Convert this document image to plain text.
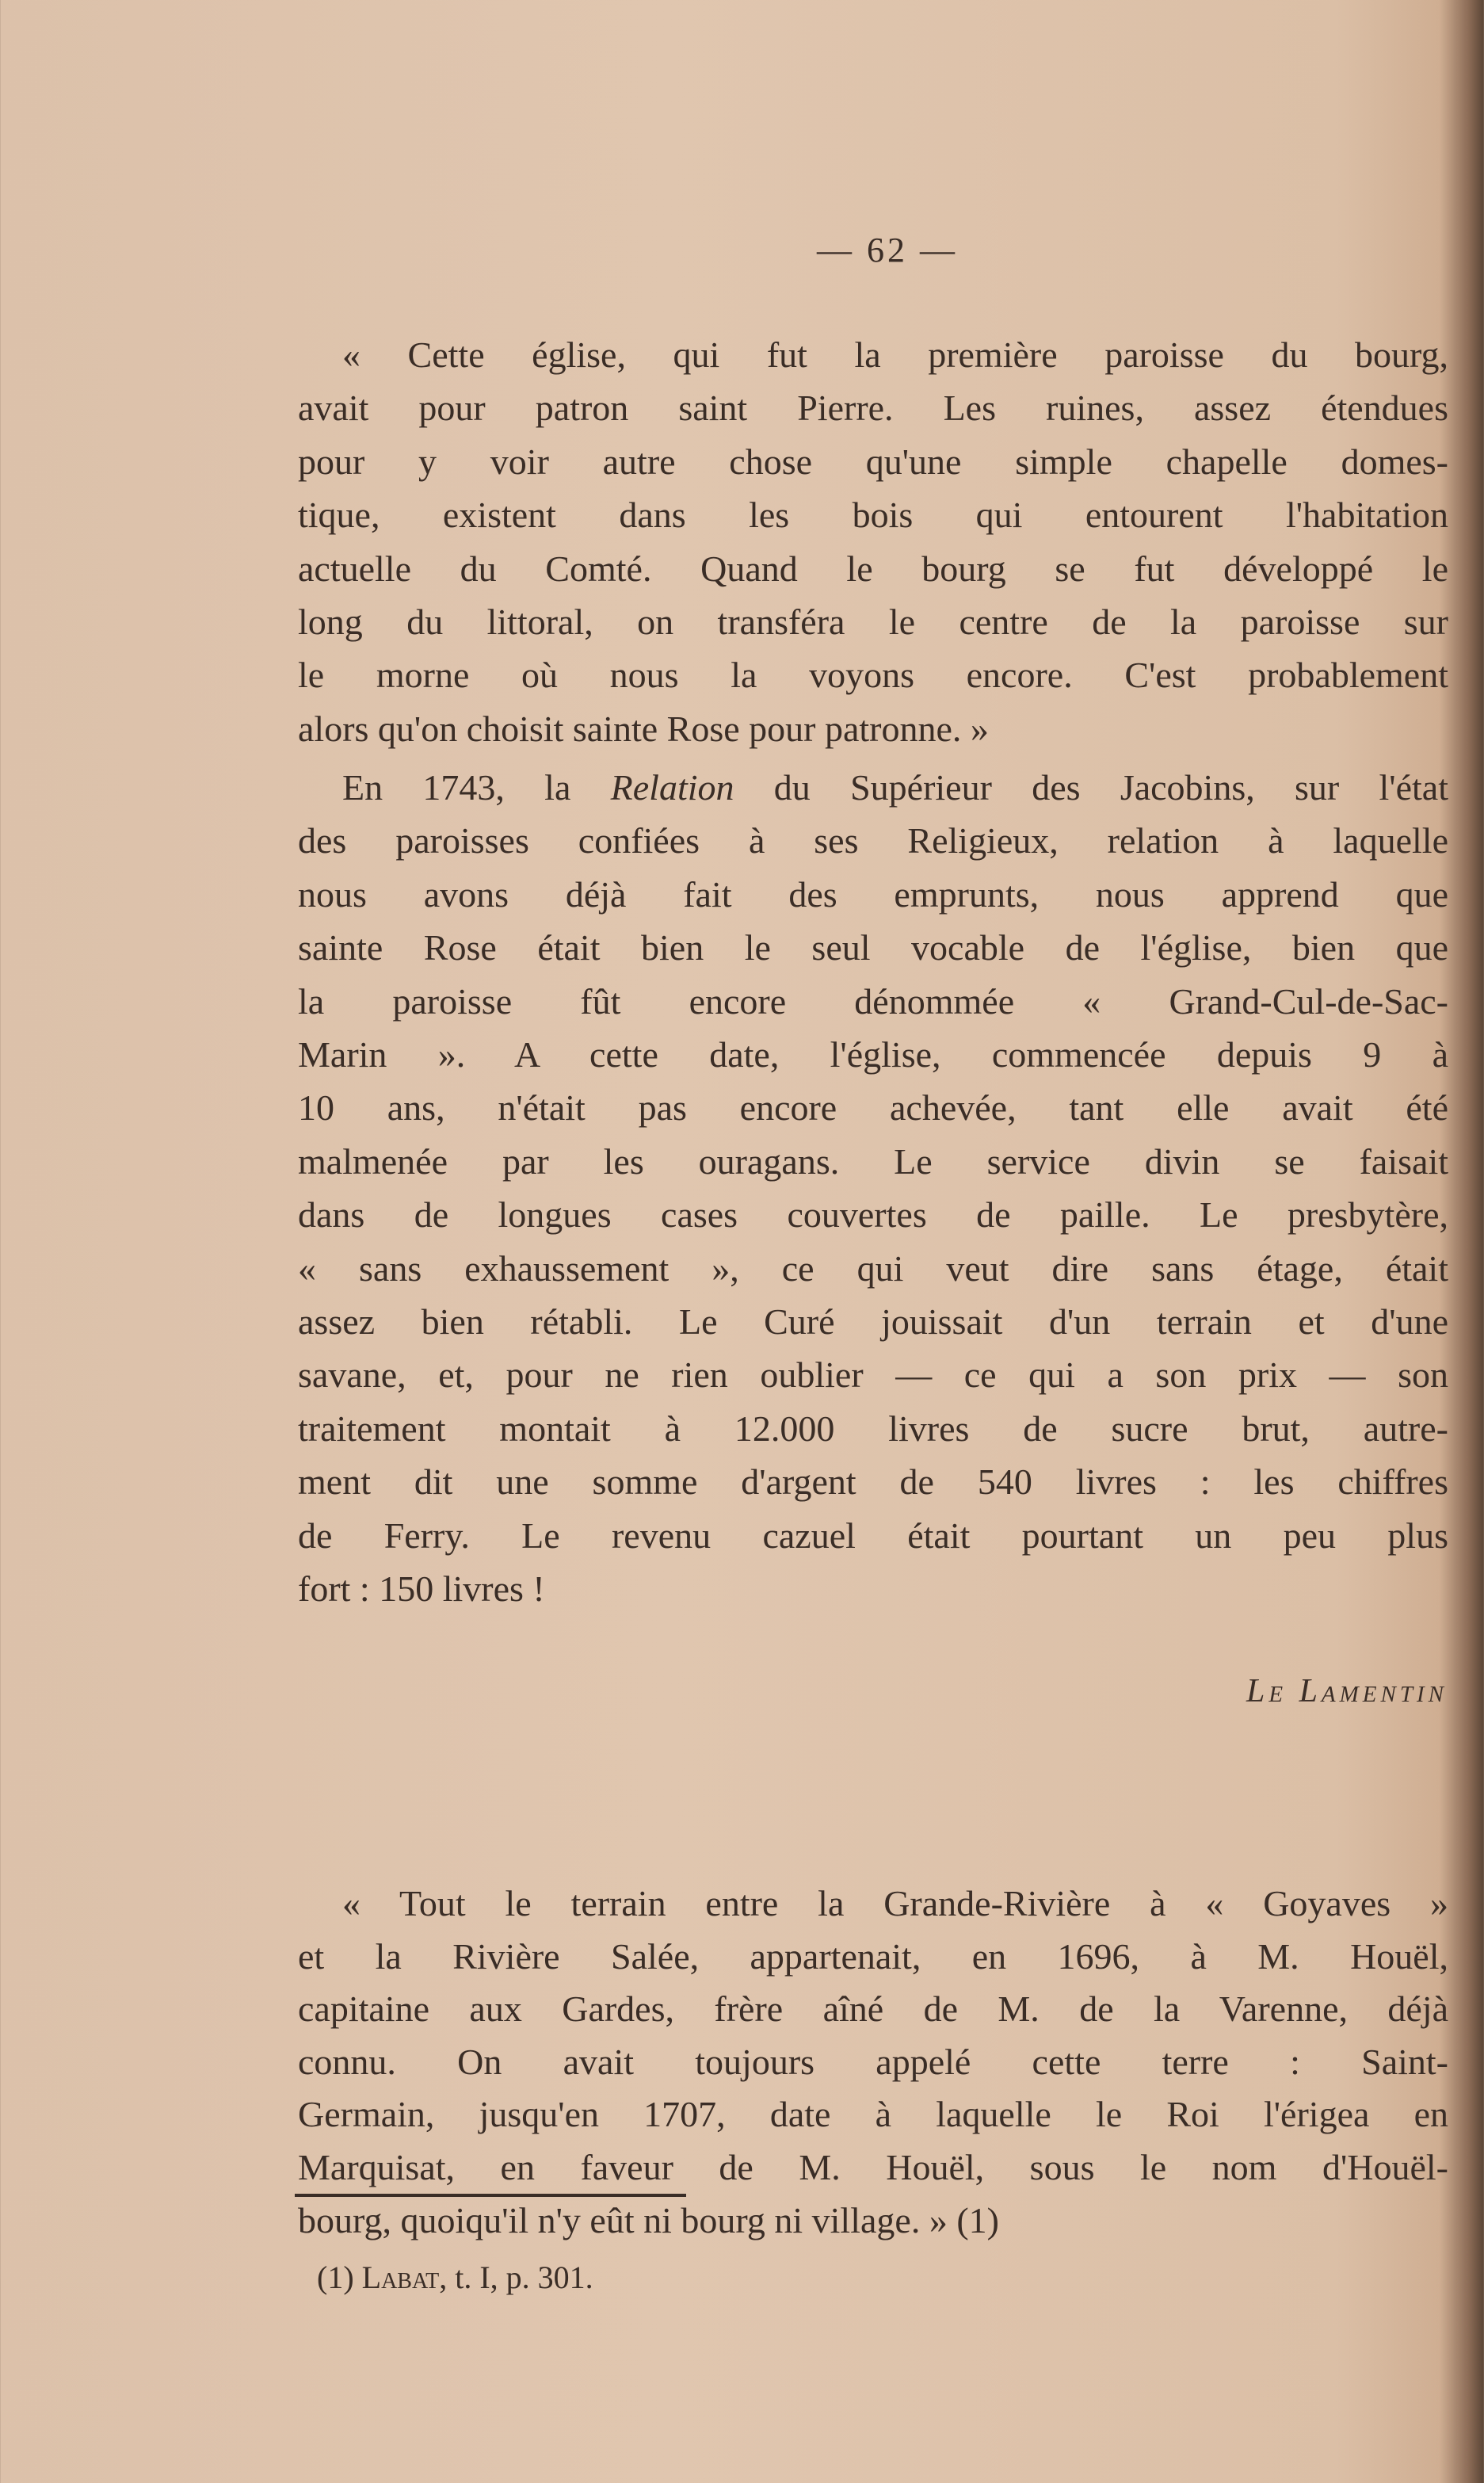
— 62 —
« Cette église, qui fut la première paroisse du bourg,
avait pour patron saint Pierre. Les ruines, assez étendues
pour y voir autre chose qu'une simple chapelle domes-
tique, existent dans les bois qui entourent l'habitation
actuelle du Comté. Quand le bourg se fut développé le
long du littoral, on transféra le centre de la paroisse sur
le morne où nous la voyons encore. C'est probablement
alors qu'on choisit sainte Rose pour patronne. »
En 1743, la Relation du Supérieur des Jacobins, sur l'état
des paroisses confiées à ses Religieux, relation à laquelle
nous avons déjà fait des emprunts, nous apprend que
sainte Rose était bien le seul vocable de l'église, bien que
la paroisse fût encore dénommée « Grand-Cul-de-Sac-
Marin ». A cette date, l'église, commencée depuis 9 à
10 ans, n'était pas encore achevée, tant elle avait été
malmenée par les ouragans. Le service divin se faisait
dans de longues cases couvertes de paille. Le presbytère,
« sans exhaussement », ce qui veut dire sans étage, était
assez bien rétabli. Le Curé jouissait d'un terrain et d'une
savane, et, pour ne rien oublier — ce qui a son prix — son
traitement montait à 12.000 livres de sucre brut, autre-
ment dit une somme d'argent de 540 livres : les chiffres
de Ferry. Le revenu cazuel était pourtant un peu plus
fort : 150 livres !
« Tout le terrain entre la Grande-Rivière à « Goyaves »
et la Rivière Salée, appartenait, en 1696, à M. Houël,
capitaine aux Gardes, frère aîné de M. de la Varenne, déjà
connu. On avait toujours appelé cette terre : Saint-
Germain, jusqu'en 1707, date à laquelle le Roi l'érigea en
Marquisat, en faveur de M. Houël, sous le nom d'Houël-
bourg, quoiqu'il n'y eût ni bourg ni village. » (1)
Le Lamentin
(1) Labat, t. I, p. 301.
